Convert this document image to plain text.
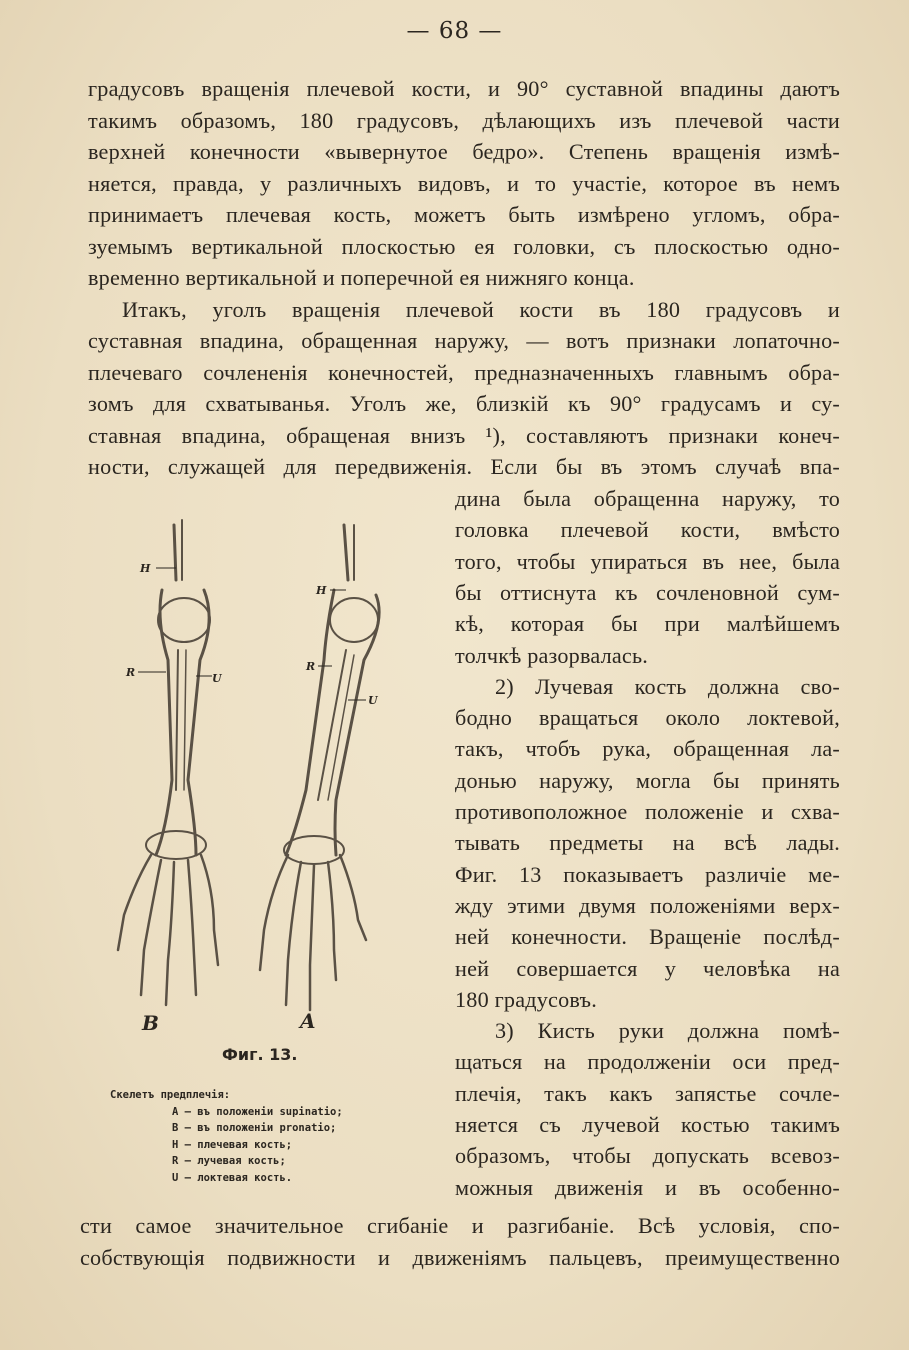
— 68 —
градусовъ вращенія плечевой кости, и 90° суставной впадины даютъ
такимъ образомъ, 180 градусовъ, дѣлающихъ изъ плечевой части
верхней конечности «вывернутое бедро». Степень вращенія измѣ-
няется, правда, у различныхъ видовъ, и то участіе, которое въ немъ
принимаетъ плечевая кость, можетъ быть измѣрено угломъ, обра-
зуемымъ вертикальной плоскостью ея головки, съ плоскостью одно-
временно вертикальной и поперечной ея нижняго конца.
Итакъ, уголъ вращенія плечевой кости въ 180 градусовъ и
суставная впадина, обращенная наружу, — вотъ признаки лопаточно-
плечеваго сочлененія конечностей, предназначенныхъ главнымъ обра-
зомъ для схватыванья. Уголъ же, близкій къ 90° градусамъ и су-
ставная впадина, обращеная внизъ ¹), составляютъ признаки конеч-
ности, служащей для передвиженія. Если бы въ этомъ случаѣ впа-
дина была обращенна наружу, то
головка плечевой кости, вмѣсто
того, чтобы упираться въ нее, была
бы оттиснута къ сочленовной сум-
кѣ, которая бы при малѣйшемъ
толчкѣ разорвалась.
2) Лучевая кость должна сво-
бодно вращаться около локтевой,
такъ, чтобъ рука, обращенная ла-
донью наружу, могла бы принять
противоположное положеніе и схва-
тывать предметы на всѣ лады.
Фиг. 13 показываетъ различіе ме-
жду этими двумя положеніями верх-
ней конечности. Вращеніе послѣд-
ней совершается у человѣка на
180 градусовъ.
3) Кисть руки должна помѣ-
щаться на продолженіи оси пред-
плечія, такъ какъ запястье сочле-
няется съ лучевой костью такимъ
образомъ, чтобы допускать всевоз-
можныя движенія и въ особенно-
сти самое значительное сгибаніе и разгибаніе. Всѣ условія, спо-
собствующія подвижности и движеніямъ пальцевъ, преимущественно
H
R	U
H
R
U
B	A
Фиг. 13.
Скелетъ предплечія:
A — въ положеніи supinatio;
B — въ положеніи pronatio;
H — плечевая кость;
R — лучевая кость;
U — локтевая кость.
